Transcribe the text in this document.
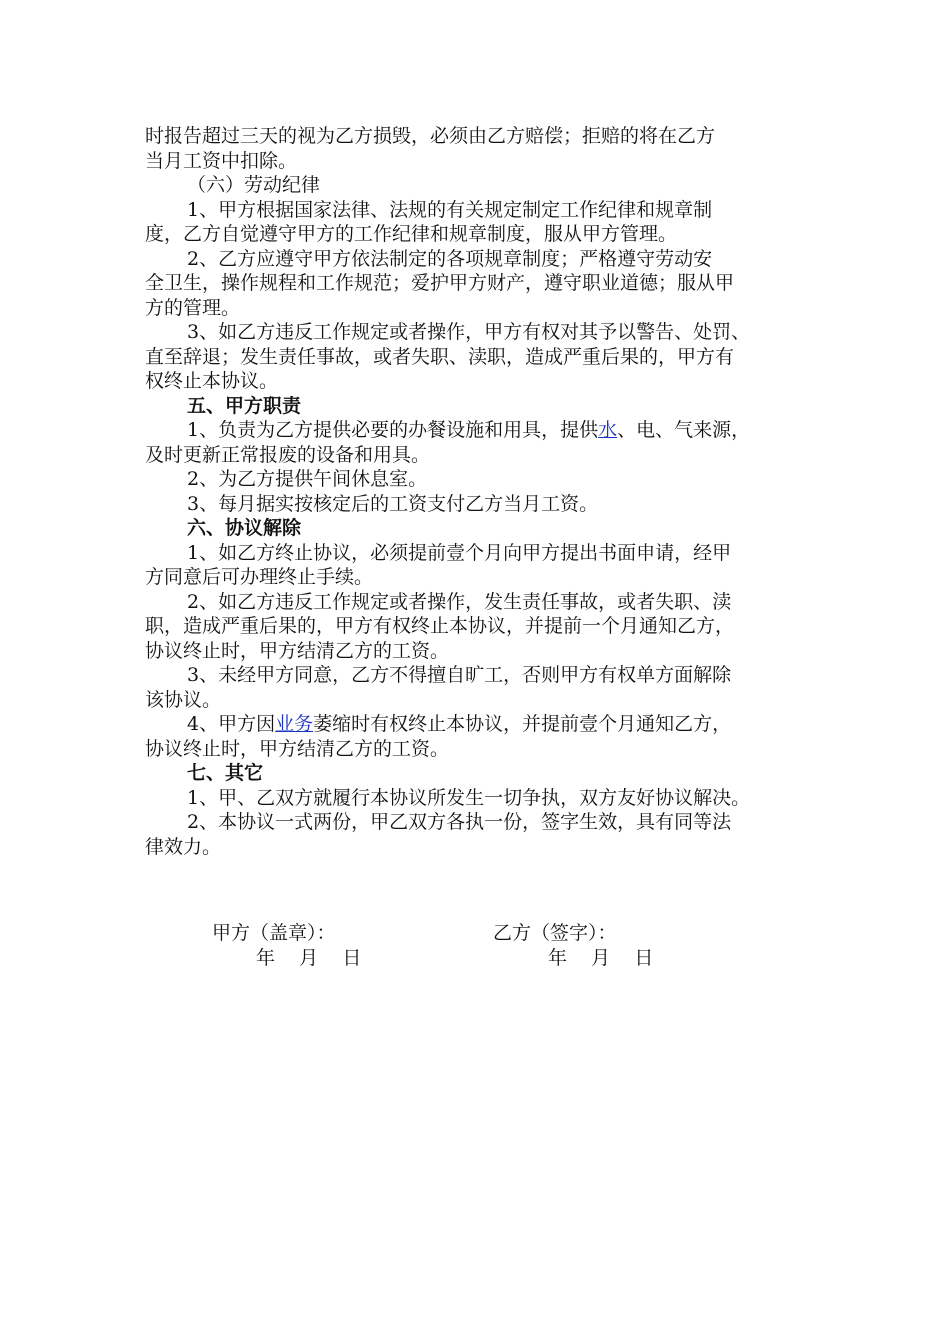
时报告超过三天的视为乙方损毁，必须由乙方赔偿；拒赔的将在乙方
当月工资中扣除。
（六）劳动纪律
1、甲方根据国家法律、法规的有关规定制定工作纪律和规章制
度，乙方自觉遵守甲方的工作纪律和规章制度，服从甲方管理。
2、乙方应遵守甲方依法制定的各项规章制度；严格遵守劳动安
全卫生，操作规程和工作规范；爱护甲方财产，遵守职业道德；服从甲
方的管理。
3、如乙方违反工作规定或者操作，甲方有权对其予以警告、处罚、
直至辞退；发生责任事故，或者失职、渎职，造成严重后果的，甲方有
权终止本协议。
五、甲方职责
1、负责为乙方提供必要的办餐设施和用具，提供水、电、气来源，
及时更新正常报废的设备和用具。
2、为乙方提供午间休息室。
3、每月据实按核定后的工资支付乙方当月工资。
六、协议解除
1、如乙方终止协议，必须提前壹个月向甲方提出书面申请，经甲
方同意后可办理终止手续。
2、如乙方违反工作规定或者操作，发生责任事故，或者失职、渎
职，造成严重后果的，甲方有权终止本协议，并提前一个月通知乙方，
协议终止时，甲方结清乙方的工资。
3、未经甲方同意，乙方不得擅自旷工，否则甲方有权单方面解除
该协议。
4、甲方因业务萎缩时有权终止本协议，并提前壹个月通知乙方，
协议终止时，甲方结清乙方的工资。
七、其它
1、甲、乙双方就履行本协议所发生一切争执，双方友好协议解决。
2、本协议一式两份，甲乙双方各执一份，签字生效，具有同等法
律效力。
甲方（盖章）：
年    月    日
乙方（签字）：
年    月    日
